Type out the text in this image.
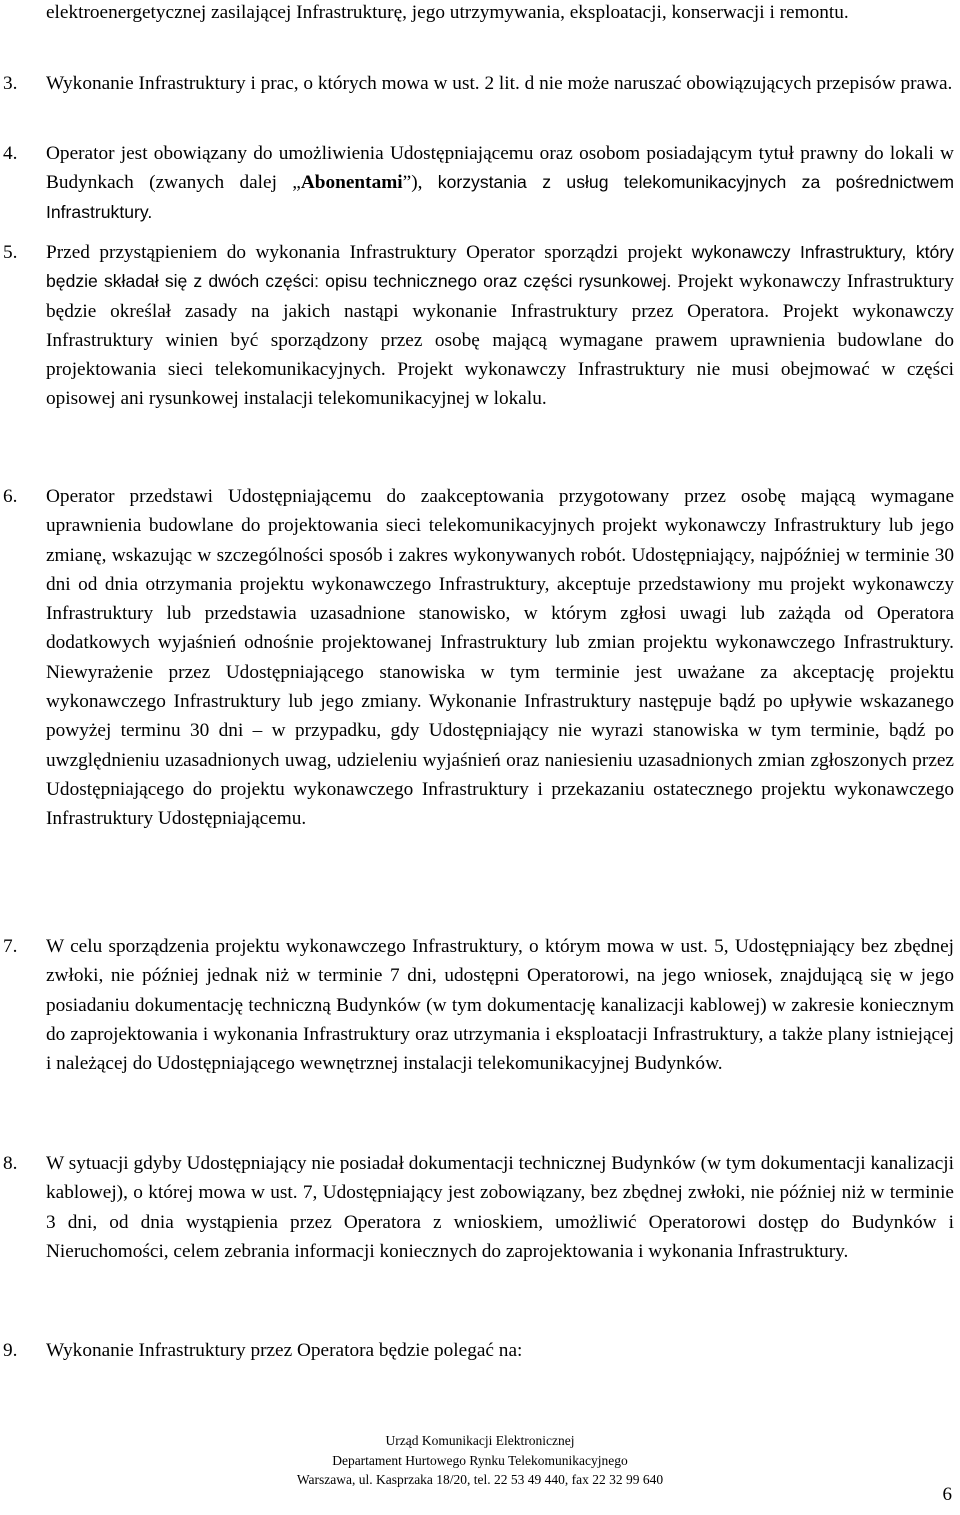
elektroenergetycznej zasilającej Infrastrukturę, jego utrzymywania, eksploatacji, konserwacji i remontu.

3. Wykonanie Infrastruktury i prac, o których mowa w ust. 2 lit. d nie może naruszać obowiązujących przepisów prawa.

4. Operator jest obowiązany do umożliwienia Udostępniającemu oraz osobom posiadającym tytuł prawny do lokali w Budynkach (zwanych dalej „Abonentami”), korzystania z usług telekomunikacyjnych za pośrednictwem Infrastruktury.

5. Przed przystąpieniem do wykonania Infrastruktury Operator sporządzi projekt wykonawczy Infrastruktury, który będzie składał się z dwóch części: opisu technicznego oraz części rysunkowej. Projekt wykonawczy Infrastruktury będzie określał zasady na jakich nastąpi wykonanie Infrastruktury przez Operatora. Projekt wykonawczy Infrastruktury winien być sporządzony przez osobę mającą wymagane prawem uprawnienia budowlane do projektowania sieci telekomunikacyjnych. Projekt wykonawczy Infrastruktury nie musi obejmować w części opisowej ani rysunkowej instalacji telekomunikacyjnej w lokalu.

6. Operator przedstawi Udostępniającemu do zaakceptowania przygotowany przez osobę mającą wymagane uprawnienia budowlane do projektowania sieci telekomunikacyjnych projekt wykonawczy Infrastruktury lub jego zmianę, wskazując w szczególności sposób i zakres wykonywanych robót. Udostępniający, najpóźniej w terminie 30 dni od dnia otrzymania projektu wykonawczego Infrastruktury, akceptuje przedstawiony mu projekt wykonawczy Infrastruktury lub przedstawia uzasadnione stanowisko, w którym zgłosi uwagi lub zażąda od Operatora dodatkowych wyjaśnień odnośnie projektowanej Infrastruktury lub zmian projektu wykonawczego Infrastruktury. Niewyrażenie przez Udostępniającego stanowiska w tym terminie jest uważane za akceptację projektu wykonawczego Infrastruktury lub jego zmiany. Wykonanie Infrastruktury następuje bądź po upływie wskazanego powyżej terminu 30 dni – w przypadku, gdy Udostępniający nie wyrazi stanowiska w tym terminie, bądź po uwzględnieniu uzasadnionych uwag, udzieleniu wyjaśnień oraz naniesieniu uzasadnionych zmian zgłoszonych przez Udostępniającego do projektu wykonawczego Infrastruktury i przekazaniu ostatecznego projektu wykonawczego Infrastruktury Udostępniającemu.

7. W celu sporządzenia projektu wykonawczego Infrastruktury, o którym mowa w ust. 5, Udostępniający bez zbędnej zwłoki, nie później jednak niż w terminie 7 dni, udostępni Operatorowi, na jego wniosek, znajdującą się w jego posiadaniu dokumentację techniczną Budynków (w tym dokumentację kanalizacji kablowej) w zakresie koniecznym do zaprojektowania i wykonania Infrastruktury oraz utrzymania i eksploatacji Infrastruktury, a także plany istniejącej i należącej do Udostępniającego wewnętrznej instalacji telekomunikacyjnej Budynków.

8. W sytuacji gdyby Udostępniający nie posiadał dokumentacji technicznej Budynków (w tym dokumentacji kanalizacji kablowej), o której mowa w ust. 7, Udostępniający jest zobowiązany, bez zbędnej zwłoki, nie później niż w terminie 3 dni, od dnia wystąpienia przez Operatora z wnioskiem, umożliwić Operatorowi dostęp do Budynków i Nieruchomości, celem zebrania informacji koniecznych do zaprojektowania i wykonania Infrastruktury.

9. Wykonanie Infrastruktury przez Operatora będzie polegać na:

Urząd Komunikacji Elektronicznej

Departament Hurtowego Rynku Telekomunikacyjnego

Warszawa, ul. Kasprzaka 18/20, tel. 22 53 49 440, fax 22 32 99 640

6
